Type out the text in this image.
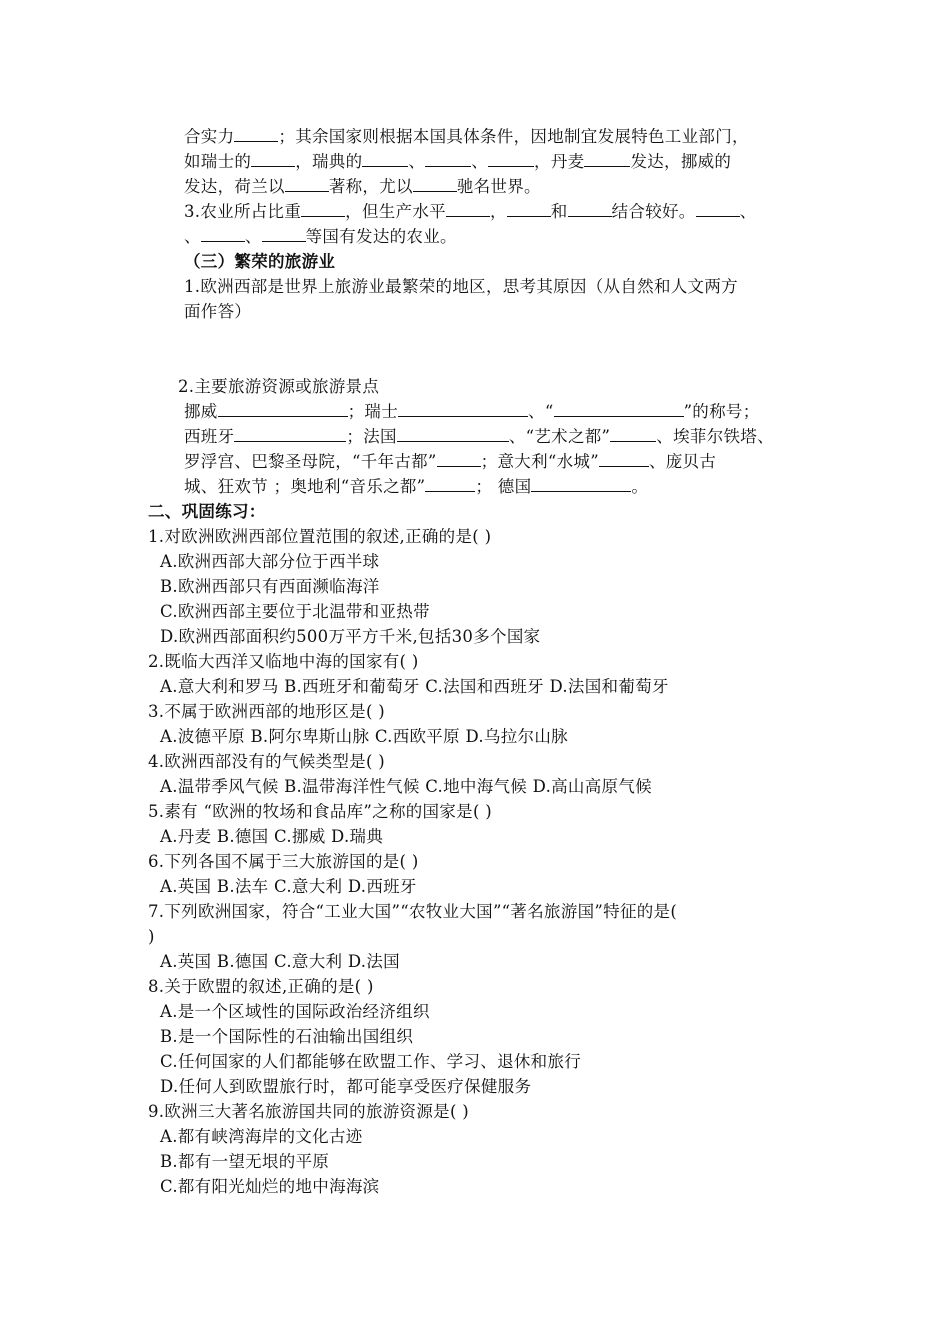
合实力	；其余国家则根据本国具体条件，因地制宜发展特色工业部门，
如瑞士的	，瑞典的	、	、	，丹麦	发达，挪威的
发达，荷兰以	著称，尤以	驰名世界。
3.农业所占比重	，但生产水平	，	和	结合较好。	、
、	、	等国有发达的农业。
（三）繁荣的旅游业
1.欧洲西部是世界上旅游业最繁荣的地区，思考其原因（从自然和人文两方
面作答）
2.主要旅游资源或旅游景点
挪威	；瑞士	、“	”的称号；
西班牙	；法国	、“艺术之都”	、埃菲尔铁塔、
罗浮宫、巴黎圣母院，“千年古都”	；意大利“水城”	、庞贝古
城、狂欢节 ；奥地利“音乐之都”	； 德国	。
二、巩固练习：
1.对欧洲欧洲西部位置范围的叙述,正确的是( )
A.欧洲西部大部分位于西半球
B.欧洲西部只有西面濒临海洋
C.欧洲西部主要位于北温带和亚热带
D.欧洲西部面积约500万平方千米,包括30多个国家
2.既临大西洋又临地中海的国家有( )
A.意大利和罗马 B.西班牙和葡萄牙 C.法国和西班牙 D.法国和葡萄牙
3.不属于欧洲西部的地形区是( )
A.波德平原 B.阿尔卑斯山脉 C.西欧平原 D.乌拉尔山脉
4.欧洲西部没有的气候类型是( )
A.温带季风气候 B.温带海洋性气候 C.地中海气候 D.高山高原气候
5.素有 “欧洲的牧场和食品库”之称的国家是( )
A.丹麦 B.德国 C.挪威 D.瑞典
6.下列各国不属于三大旅游国的是( )
A.英国 B.法车 C.意大利 D.西班牙
7.下列欧洲国家，符合“工业大国”“农牧业大国”“著名旅游国”特征的是(
)
A.英国 B.德国 C.意大利 D.法国
8.关于欧盟的叙述,正确的是( )
A.是一个区域性的国际政治经济组织
B.是一个国际性的石油输出国组织
C.任何国家的人们都能够在欧盟工作、学习、退休和旅行
D.任何人到欧盟旅行时，都可能享受医疗保健服务
9.欧洲三大著名旅游国共同的旅游资源是( )
A.都有峡湾海岸的文化古迹
B.都有一望无垠的平原
C.都有阳光灿烂的地中海海滨
